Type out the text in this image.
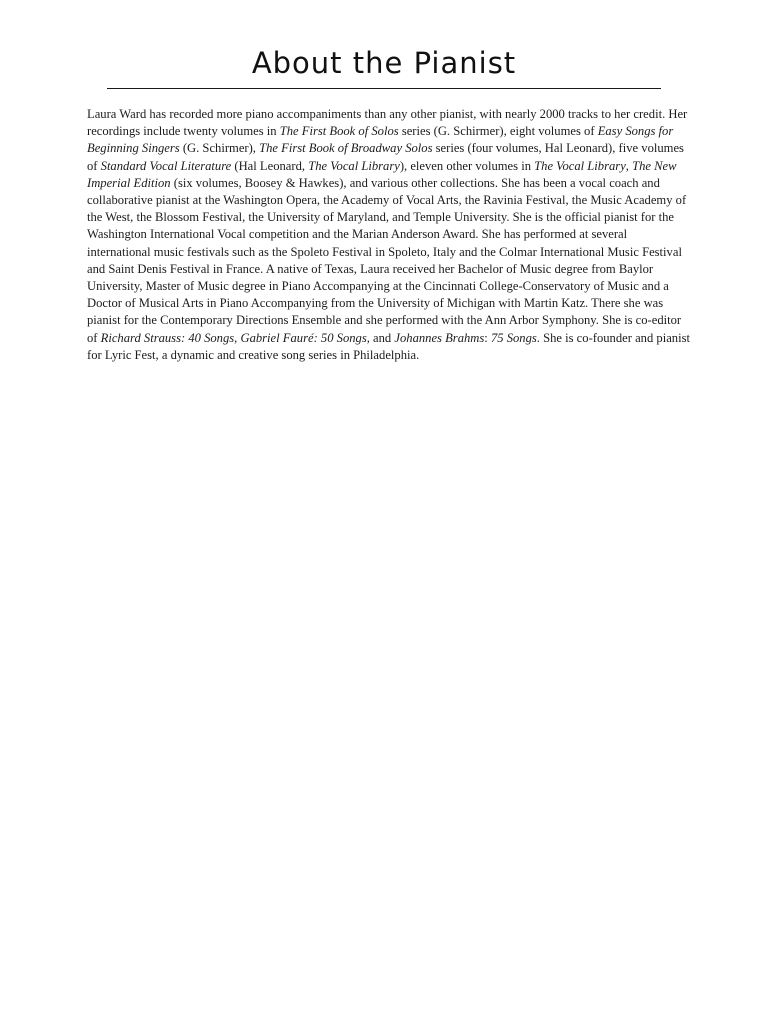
About the Pianist

Laura Ward has recorded more piano accompaniments than any other pianist, with nearly 2000 tracks to her credit. Her recordings include twenty volumes in The First Book of Solos series (G. Schirmer), eight volumes of Easy Songs for Beginning Singers (G. Schirmer), The First Book of Broadway Solos series (four volumes, Hal Leonard), five volumes of Standard Vocal Literature (Hal Leonard, The Vocal Library), eleven other volumes in The Vocal Library, The New Imperial Edition (six volumes, Boosey & Hawkes), and various other collections. She has been a vocal coach and collaborative pianist at the Washington Opera, the Academy of Vocal Arts, the Ravinia Festival, the Music Academy of the West, the Blossom Festival, the University of Maryland, and Temple University. She is the official pianist for the Washington International Vocal competition and the Marian Anderson Award. She has performed at several international music festivals such as the Spoleto Festival in Spoleto, Italy and the Colmar International Music Festival and Saint Denis Festival in France. A native of Texas, Laura received her Bachelor of Music degree from Baylor University, Master of Music degree in Piano Accompanying at the Cincinnati College-Conservatory of Music and a Doctor of Musical Arts in Piano Accompanying from the University of Michigan with Martin Katz. There she was pianist for the Contemporary Directions Ensemble and she performed with the Ann Arbor Symphony. She is co-editor of Richard Strauss: 40 Songs, Gabriel Fauré: 50 Songs, and Johannes Brahms: 75 Songs. She is co-founder and pianist for Lyric Fest, a dynamic and creative song series in Philadelphia.
